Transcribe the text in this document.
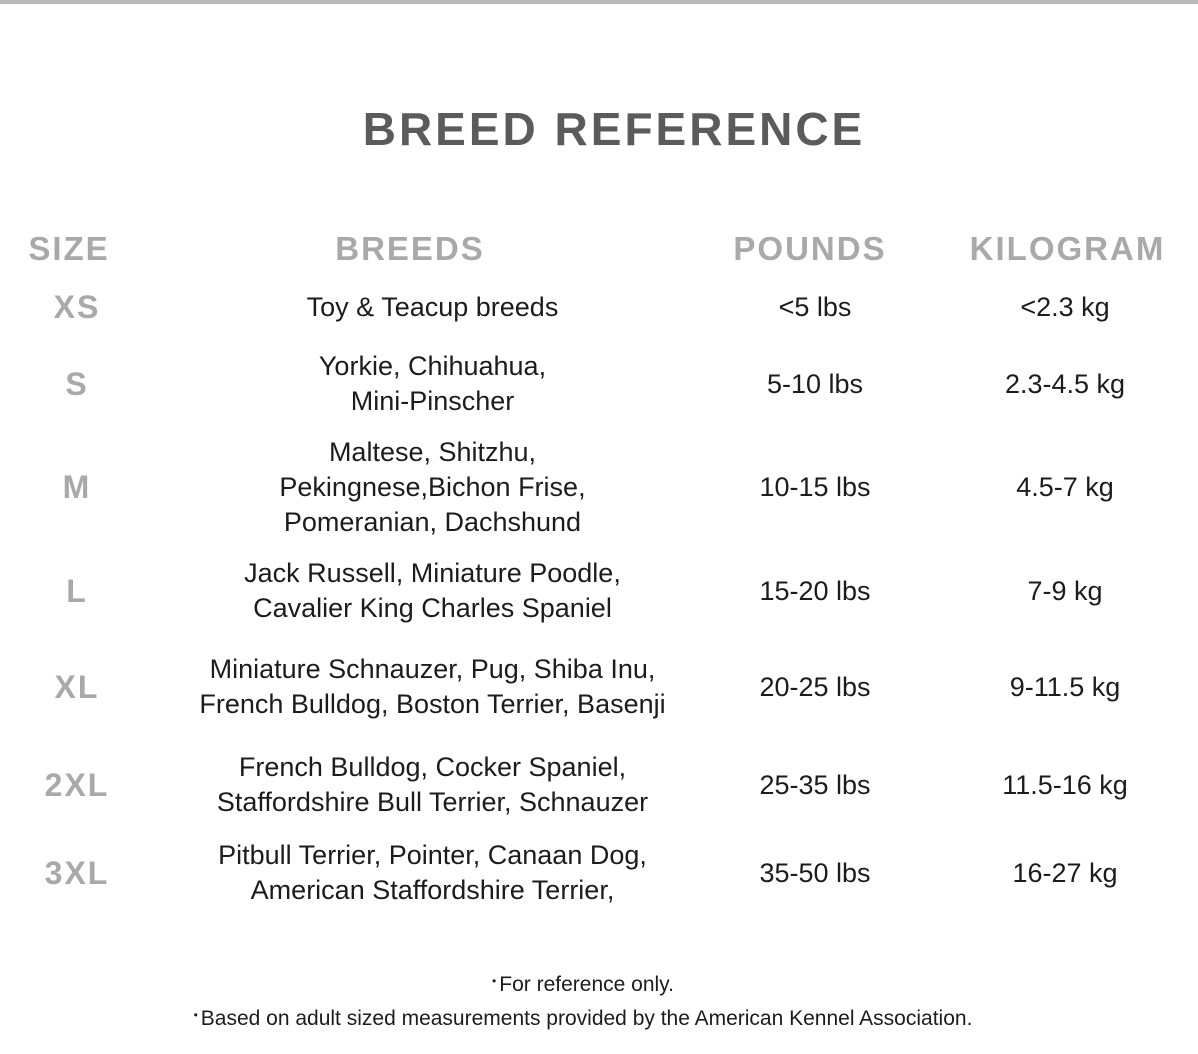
BREED REFERENCE
SIZE	BREEDS	POUNDS	KILOGRAM
XS	Toy & Teacup breeds	<5 lbs	<2.3 kg
S	Yorkie, Chihuahua,
Mini-Pinscher
5-10 lbs	2.3-4.5 kg
M
Maltese, Shitzhu,
Pekingnese,Bichon Frise,
Pomeranian, Dachshund
10-15 lbs	4.5-7 kg
L	Jack Russell, Miniature Poodle,
Cavalier King Charles Spaniel
15-20 lbs	7-9 kg
XL	Miniature Schnauzer, Pug, Shiba Inu,
French Bulldog, Boston Terrier, Basenji
20-25 lbs	9-11.5 kg
2XL	French Bulldog, Cocker Spaniel,
Staffordshire Bull Terrier, Schnauzer
25-35 lbs	11.5-16 kg
3XL	Pitbull Terrier, Pointer, Canaan Dog,
American Staffordshire Terrier,
35-50 lbs	16-27 kg
• For reference only.
• Based on adult sized measurements provided by the American Kennel Association.
